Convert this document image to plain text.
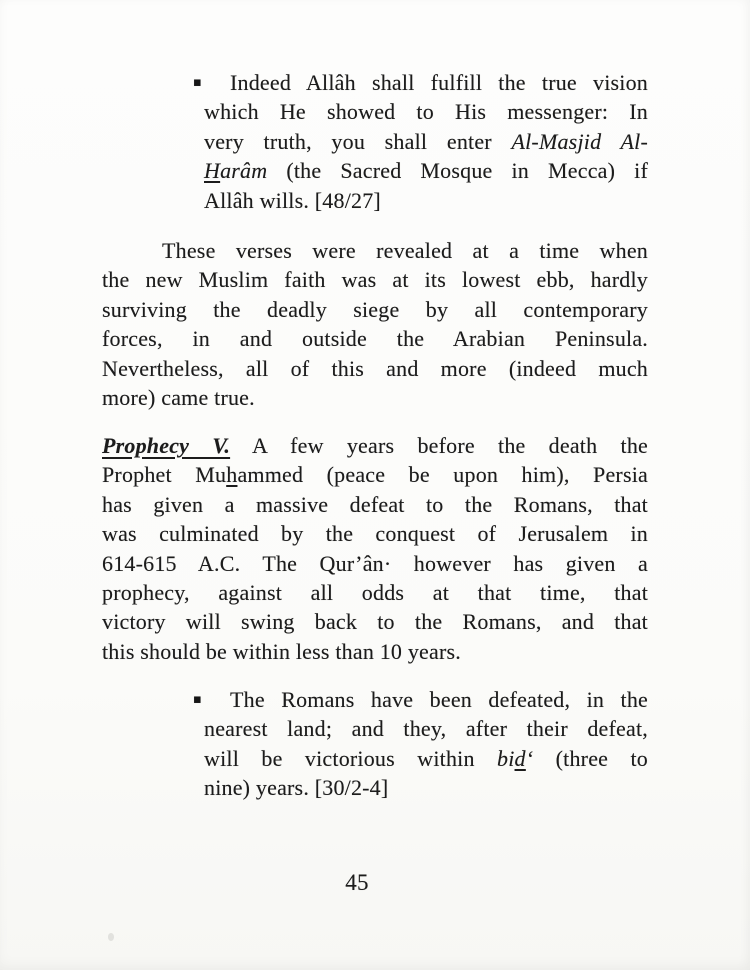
▪	Indeed Allâh shall fulfill the true vision
which He showed to His messenger: In
very truth, you shall enter Al-Masjid Al-
Harâm (the Sacred Mosque in Mecca) if
Allâh wills. [48/27]
These verses were revealed at a time when
the new Muslim faith was at its lowest ebb, hardly
surviving the deadly siege by all contemporary
forces, in and outside the Arabian Peninsula.
Nevertheless, all of this and more (indeed much
more) came true.
Prophecy V. A few years before the death the
Prophet Muhammed (peace be upon him), Persia
has given a massive defeat to the Romans, that
was culminated by the conquest of Jerusalem in
614-615 A.C. The Qur’ân· however has given a
prophecy, against all odds at that time, that
victory will swing back to the Romans, and that
this should be within less than 10 years.
▪	The Romans have been defeated, in the
nearest land; and they, after their defeat,
will be victorious within bid‘ (three to
nine) years. [30/2-4]
45
